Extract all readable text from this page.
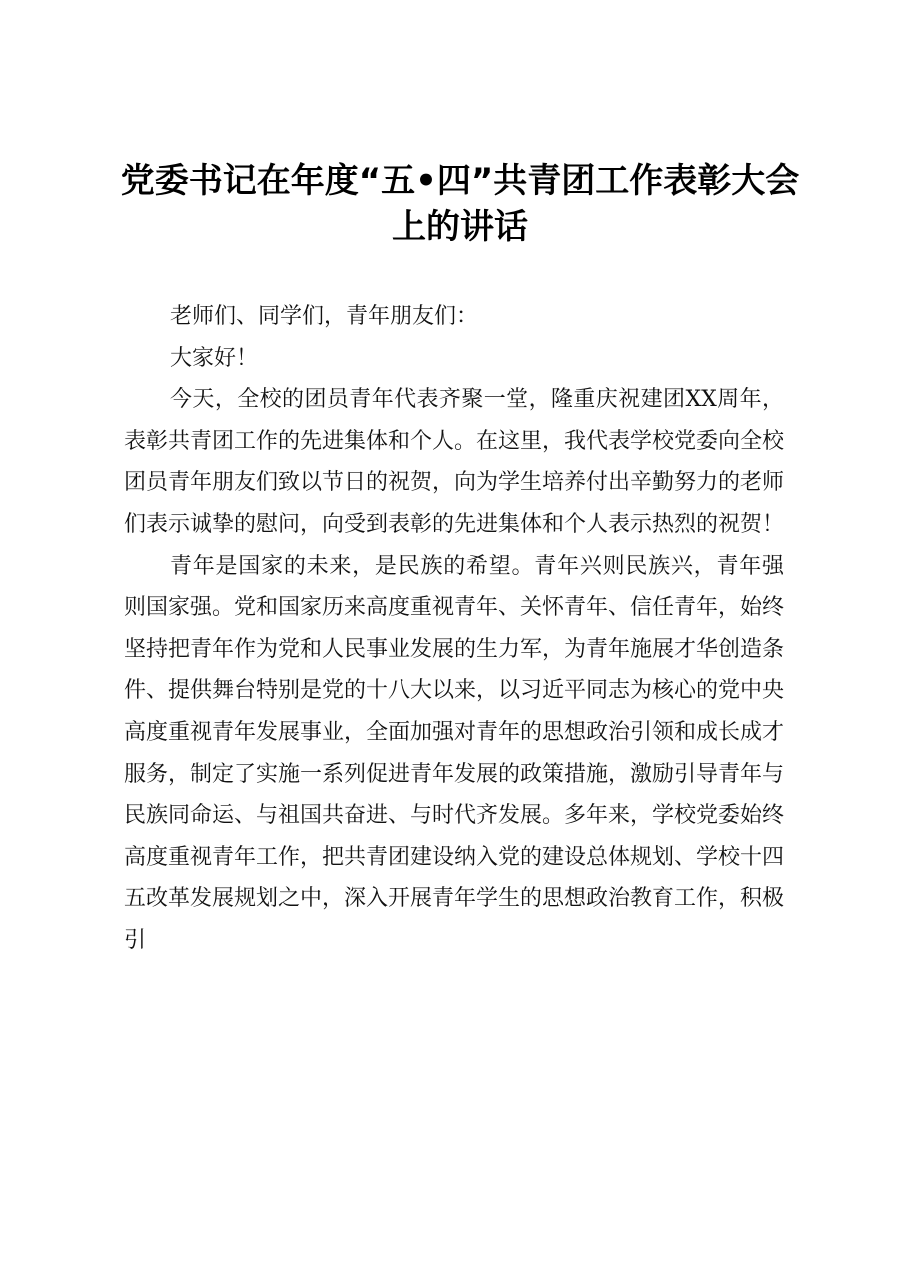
党委书记在年度“五•四”共青团工作表彰大会上的讲话

老师们、同学们，青年朋友们：

大家好！

今天，全校的团员青年代表齐聚一堂，隆重庆祝建团XX周年，表彰共青团工作的先进集体和个人。在这里，我代表学校党委向全校团员青年朋友们致以节日的祝贺，向为学生培养付出辛勤努力的老师们表示诚挚的慰问，向受到表彰的先进集体和个人表示热烈的祝贺！

青年是国家的未来，是民族的希望。青年兴则民族兴，青年强则国家强。党和国家历来高度重视青年、关怀青年、信任青年，始终坚持把青年作为党和人民事业发展的生力军，为青年施展才华创造条件、提供舞台特别是党的十八大以来，以习近平同志为核心的党中央高度重视青年发展事业，全面加强对青年的思想政治引领和成长成才服务，制定了实施一系列促进青年发展的政策措施，激励引导青年与民族同命运、与祖国共奋进、与时代齐发展。多年来，学校党委始终高度重视青年工作，把共青团建设纳入党的建设总体规划、学校十四五改革发展规划之中，深入开展青年学生的思想政治教育工作，积极引
